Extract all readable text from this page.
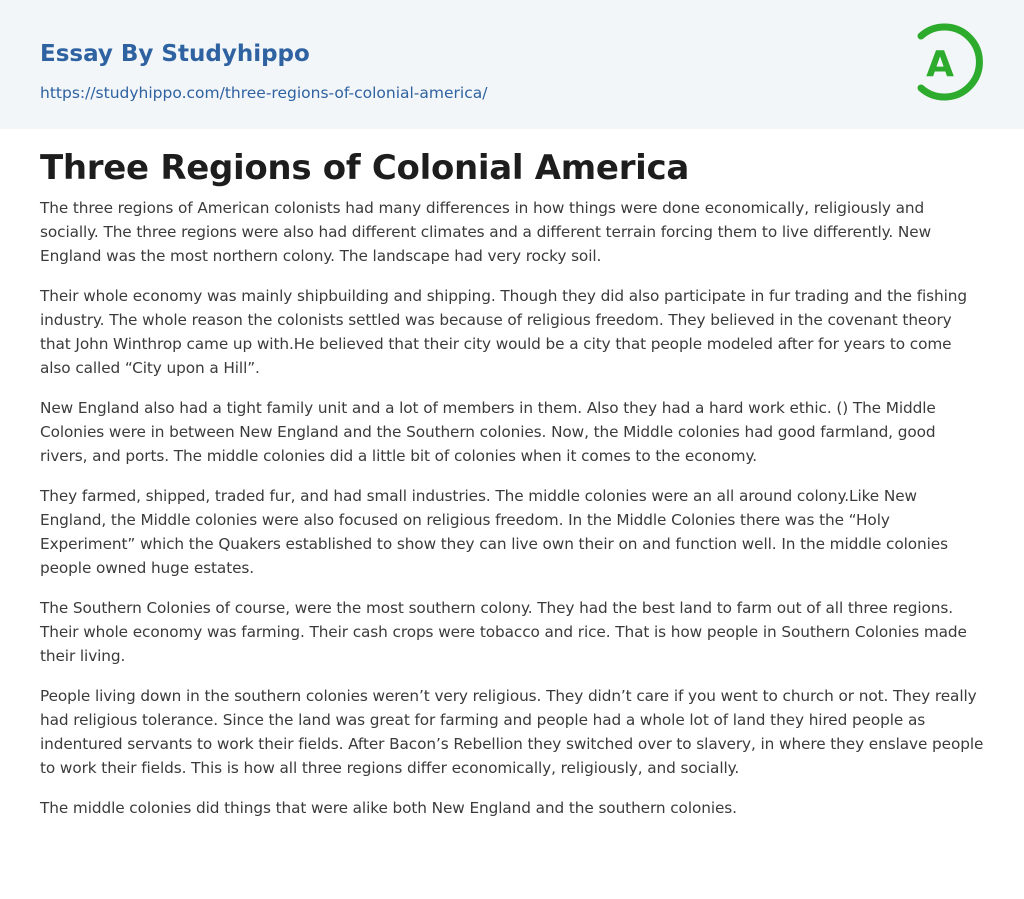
Essay By Studyhippo
https://studyhippo.com/three-regions-of-colonial-america/
A
Three Regions of Colonial America

The three regions of American colonists had many differences in how things were done economically, religiously and socially. The three regions were also had different climates and a different terrain forcing them to live differently. New England was the most northern colony. The landscape had very rocky soil.

Their whole economy was mainly shipbuilding and shipping. Though they did also participate in fur trading and the fishing industry. The whole reason the colonists settled was because of religious freedom. They believed in the covenant theory that John Winthrop came up with.He believed that their city would be a city that people modeled after for years to come also called “City upon a Hill”.

New England also had a tight family unit and a lot of members in them. Also they had a hard work ethic. () The Middle Colonies were in between New England and the Southern colonies. Now, the Middle colonies had good farmland, good rivers, and ports. The middle colonies did a little bit of colonies when it comes to the economy.

They farmed, shipped, traded fur, and had small industries. The middle colonies were an all around colony.Like New England, the Middle colonies were also focused on religious freedom. In the Middle Colonies there was the “Holy Experiment” which the Quakers established to show they can live own their on and function well. In the middle colonies people owned huge estates.

The Southern Colonies of course, were the most southern colony. They had the best land to farm out of all three regions. Their whole economy was farming. Their cash crops were tobacco and rice. That is how people in Southern Colonies made their living.

People living down in the southern colonies weren’t very religious. They didn’t care if you went to church or not. They really had religious tolerance. Since the land was great for farming and people had a whole lot of land they hired people as indentured servants to work their fields. After Bacon’s Rebellion they switched over to slavery, in where they enslave people to work their fields. This is how all three regions differ economically, religiously, and socially.

The middle colonies did things that were alike both New England and the southern colonies.
